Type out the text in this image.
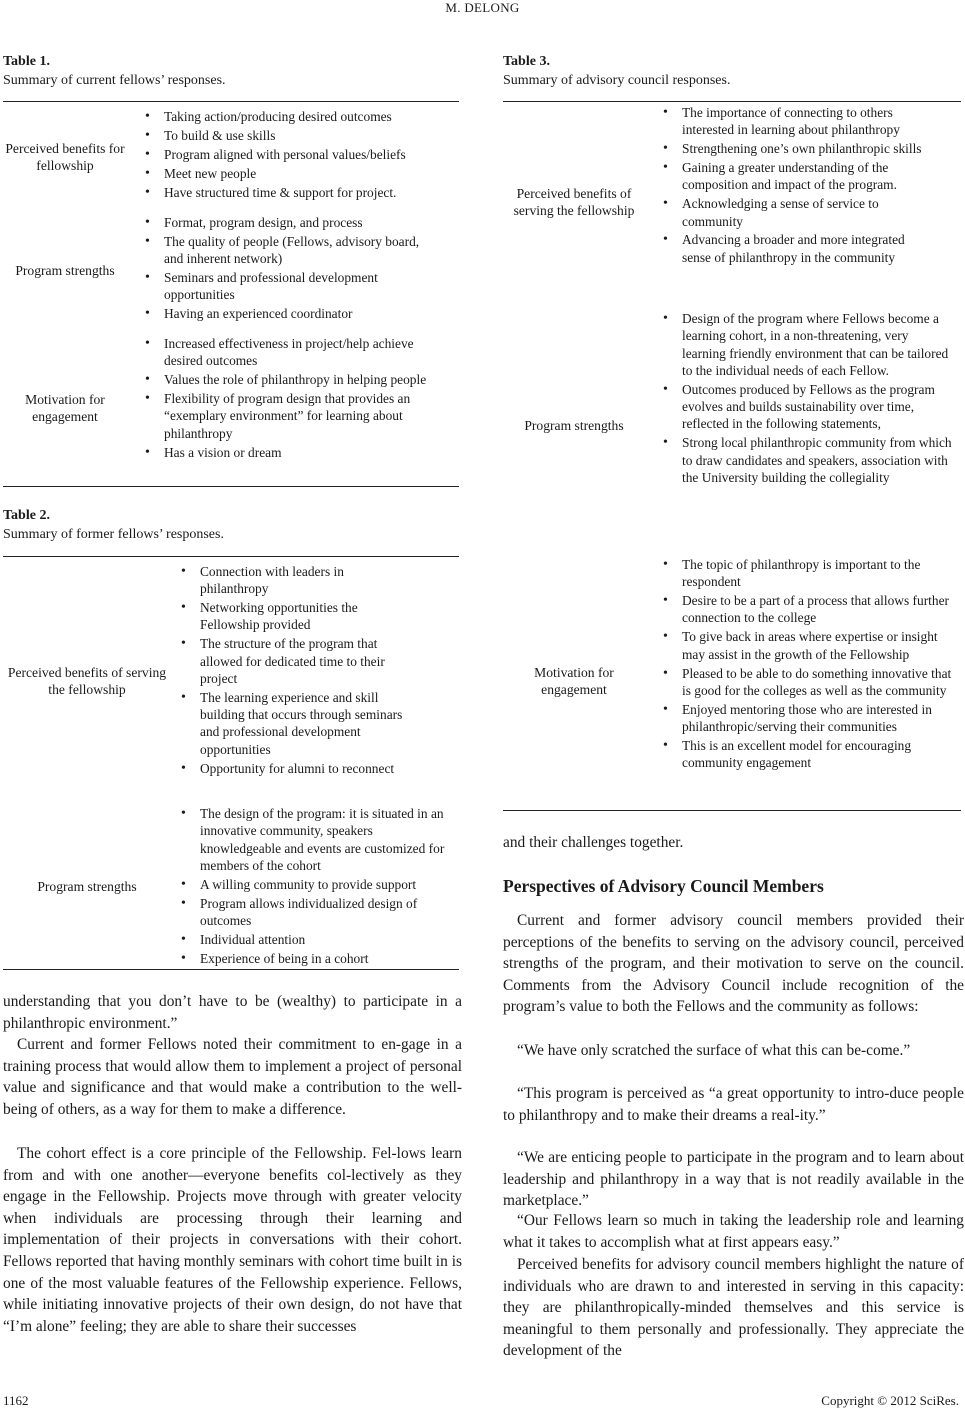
M. DELONG
Table 1.
Summary of current fellows’ responses.
Perceived benefits for fellowship
• Taking action/producing desired outcomes
• To build & use skills
• Program aligned with personal values/beliefs
• Meet new people
• Have structured time & support for project.
Program strengths
• Format, program design, and process
• The quality of people (Fellows, advisory board, and inherent network)
• Seminars and professional development opportunities
• Having an experienced coordinator
Motivation for engagement
• Increased effectiveness in project/help achieve desired outcomes
• Values the role of philanthropy in helping people
• Flexibility of program design that provides an “exemplary environment” for learning about philanthropy
• Has a vision or dream
Table 2.
Summary of former fellows’ responses.
Perceived benefits of serving the fellowship
• Connection with leaders in philanthropy
• Networking opportunities the Fellowship provided
• The structure of the program that allowed for dedicated time to their project
• The learning experience and skill building that occurs through seminars and professional development opportunities
• Opportunity for alumni to reconnect
Program strengths
• The design of the program: it is situated in an innovative community, speakers knowledgeable and events are customized for members of the cohort
• A willing community to provide support
• Program allows individualized design of outcomes
• Individual attention
• Experience of being in a cohort

understanding that you don’t have to be (wealthy) to participate in a philanthropic environment.”

Current and former Fellows noted their commitment to en-gage in a training process that would allow them to implement a project of personal value and significance and that would make a contribution to the well-being of others, as a way for them to make a difference.

The cohort effect is a core principle of the Fellowship. Fel-lows learn from and with one another—everyone benefits col-lectively as they engage in the Fellowship. Projects move through with greater velocity when individuals are processing through their learning and implementation of their projects in conversations with their cohort. Fellows reported that having monthly seminars with cohort time built in is one of the most valuable features of the Fellowship experience. Fellows, while initiating innovative projects of their own design, do not have that “I’m alone” feeling; they are able to share their successes

Table 3.
Summary of advisory council responses.
Perceived benefits of serving the fellowship
• The importance of connecting to others interested in learning about philanthropy
• Strengthening one’s own philanthropic skills
• Gaining a greater understanding of the composition and impact of the program.
• Acknowledging a sense of service to community
• Advancing a broader and more integrated sense of philanthropy in the community
Program strengths
• Design of the program where Fellows become a learning cohort, in a non-threatening, very learning friendly environment that can be tailored to the individual needs of each Fellow.
• Outcomes produced by Fellows as the program evolves and builds sustainability over time, reflected in the following statements,
• Strong local philanthropic community from which to draw candidates and speakers, association with the University building the collegiality
Motivation for engagement
• The topic of philanthropy is important to the respondent
• Desire to be a part of a process that allows further connection to the college
• To give back in areas where expertise or insight may assist in the growth of the Fellowship
• Pleased to be able to do something innovative that is good for the colleges as well as the community
• Enjoyed mentoring those who are interested in philanthropic/serving their communities
• This is an excellent model for encouraging community engagement

and their challenges together.

Perspectives of Advisory Council Members

Current and former advisory council members provided their perceptions of the benefits to serving on the advisory council, perceived strengths of the program, and their motivation to serve on the council. Comments from the Advisory Council include recognition of the program’s value to both the Fellows and the community as follows:

“We have only scratched the surface of what this can be-come.”

“This program is perceived as “a great opportunity to intro-duce people to philanthropy and to make their dreams a real-ity.”

“We are enticing people to participate in the program and to learn about leadership and philanthropy in a way that is not readily available in the marketplace.”

“Our Fellows learn so much in taking the leadership role and learning what it takes to accomplish what at first appears easy.”

Perceived benefits for advisory council members highlight the nature of individuals who are drawn to and interested in serving in this capacity: they are philanthropically-minded themselves and this service is meaningful to them personally and professionally. They appreciate the development of the

1162	Copyright © 2012 SciRes.
